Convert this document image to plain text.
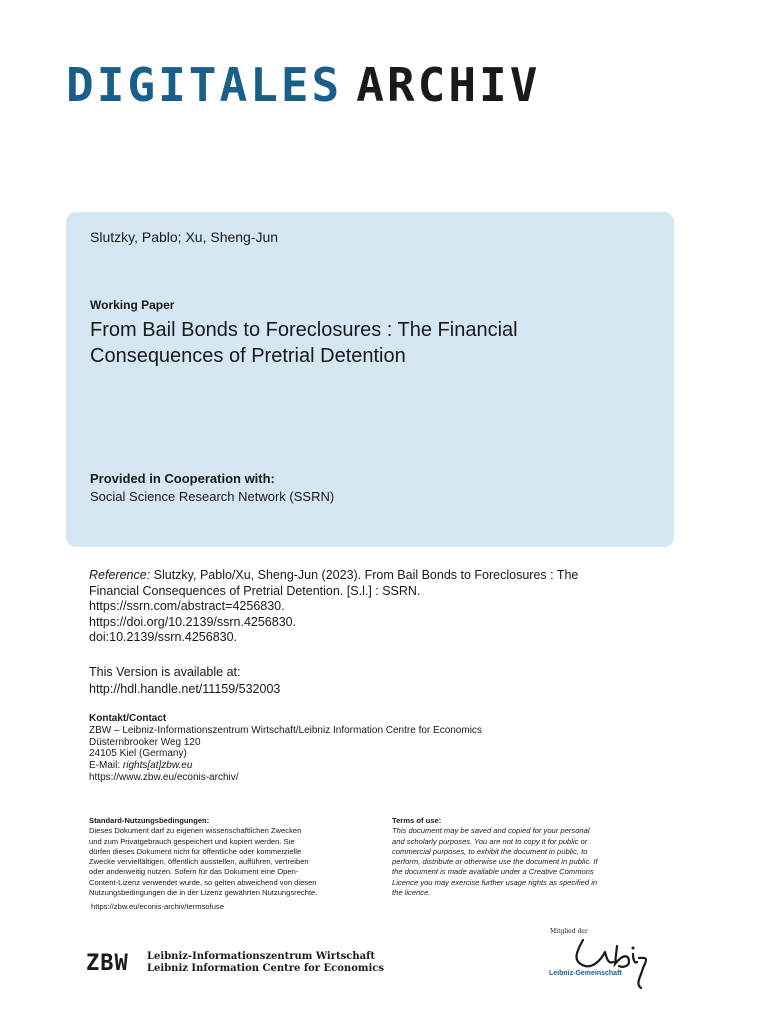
DIGITALES ARCHIV
Slutzky, Pablo; Xu, Sheng-Jun
Working Paper
From Bail Bonds to Foreclosures : The Financial
Consequences of Pretrial Detention
Provided in Cooperation with:
Social Science Research Network (SSRN)
Reference: Slutzky, Pablo/Xu, Sheng-Jun (2023). From Bail Bonds to Foreclosures : The
Financial Consequences of Pretrial Detention. [S.l.] : SSRN.
https://ssrn.com/abstract=4256830.
https://doi.org/10.2139/ssrn.4256830.
doi:10.2139/ssrn.4256830.
This Version is available at:
http://hdl.handle.net/11159/532003
Kontakt/Contact
ZBW – Leibniz-Informationszentrum Wirtschaft/Leibniz Information Centre for Economics
Düsternbrooker Weg 120
24105 Kiel (Germany)
E-Mail: rights[at]zbw.eu
https://www.zbw.eu/econis-archiv/
Standard-Nutzungsbedingungen:
Dieses Dokument darf zu eigenen wissenschaftlichen Zwecken
und zum Privatgebrauch gespeichert und kopiert werden. Sie
dürfen dieses Dokument nicht für öffentliche oder kommerzielle
Zwecke vervielfältigen, öffentlich ausstellen, aufführen, vertreiben
oder anderweitig nutzen. Sofern für das Dokument eine Open-
Content-Lizenz verwendet wurde, so gelten abweichend von diesen
Nutzungsbedingungen die in der Lizenz gewährten Nutzungsrechte.
https://zbw.eu/econis-archiv/termsofuse
Terms of use:
This document may be saved and copied for your personal
and scholarly purposes. You are not to copy it for public or
commercial purposes, to exhibit the document in public, to
perform, distribute or otherwise use the document in public. If
the document is made available under a Creative Commons
Licence you may exercise further usage rights as specified in
the licence.
ZBW Leibniz-Informationszentrum Wirtschaft
Leibniz Information Centre for Economics
Mitglied der
Leibniz-Gemeinschaft
